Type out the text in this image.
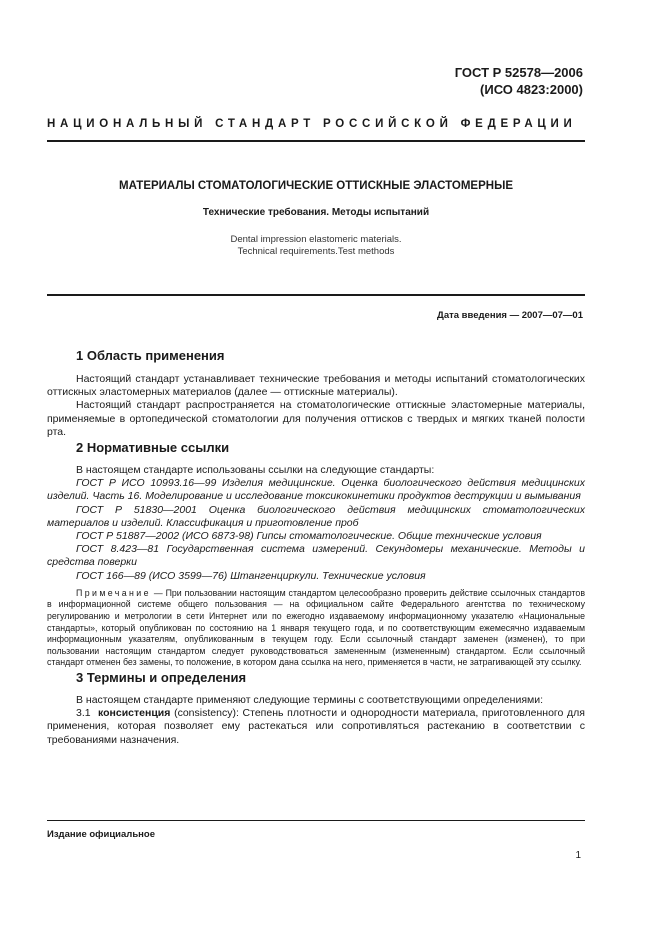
ГОСТ Р 52578—2006
(ИСО 4823:2000)
НАЦИОНАЛЬНЫЙ СТАНДАРТ РОССИЙСКОЙ ФЕДЕРАЦИИ
МАТЕРИАЛЫ СТОМАТОЛОГИЧЕСКИЕ ОТТИСКНЫЕ ЭЛАСТОМЕРНЫЕ
Технические требования. Методы испытаний
Dental impression elastomeric materials.
Technical requirements.Test methods
Дата введения — 2007—07—01
1 Область применения

Настоящий стандарт устанавливает технические требования и методы испытаний стоматологических оттискных эластомерных материалов (далее — оттискные материалы).

Настоящий стандарт распространяется на стоматологические оттискные эластомерные материалы, применяемые в ортопедической стоматологии для получения оттисков с твердых и мягких тканей полости рта.

2 Нормативные ссылки

В настоящем стандарте использованы ссылки на следующие стандарты:

ГОСТ Р ИСО 10993.16—99 Изделия медицинские. Оценка биологического действия медицинских изделий. Часть 16. Моделирование и исследование токсикокинетики продуктов деструкции и вымывания

ГОСТ Р 51830—2001 Оценка биологического действия медицинских стоматологических материалов и изделий. Классификация и приготовление проб

ГОСТ Р 51887—2002 (ИСО 6873-98) Гипсы стоматологические. Общие технические условия

ГОСТ 8.423—81 Государственная система измерений. Секундомеры механические. Методы и средства поверки

ГОСТ 166—89 (ИСО 3599—76) Штангенциркули. Технические условия

Примечание — При пользовании настоящим стандартом целесообразно проверить действие ссылочных стандартов в информационной системе общего пользования — на официальном сайте Федерального агентства по техническому регулированию и метрологии в сети Интернет или по ежегодно издаваемому информационному указателю «Национальные стандарты», который опубликован по состоянию на 1 января текущего года, и по соответствующим ежемесячно издаваемым информационным указателям, опубликованным в текущем году. Если ссылочный стандарт заменен (изменен), то при пользовании настоящим стандартом следует руководствоваться замененным (измененным) стандартом. Если ссылочный стандарт отменен без замены, то положение, в котором дана ссылка на него, применяется в части, не затрагивающей эту ссылку.

3 Термины и определения

В настоящем стандарте применяют следующие термины с соответствующими определениями:

3.1 консистенция (consistency): Степень плотности и однородности материала, приготовленного для применения, которая позволяет ему растекаться или сопротивляться растеканию в соответствии с требованиями назначения.

Издание официальное
1
